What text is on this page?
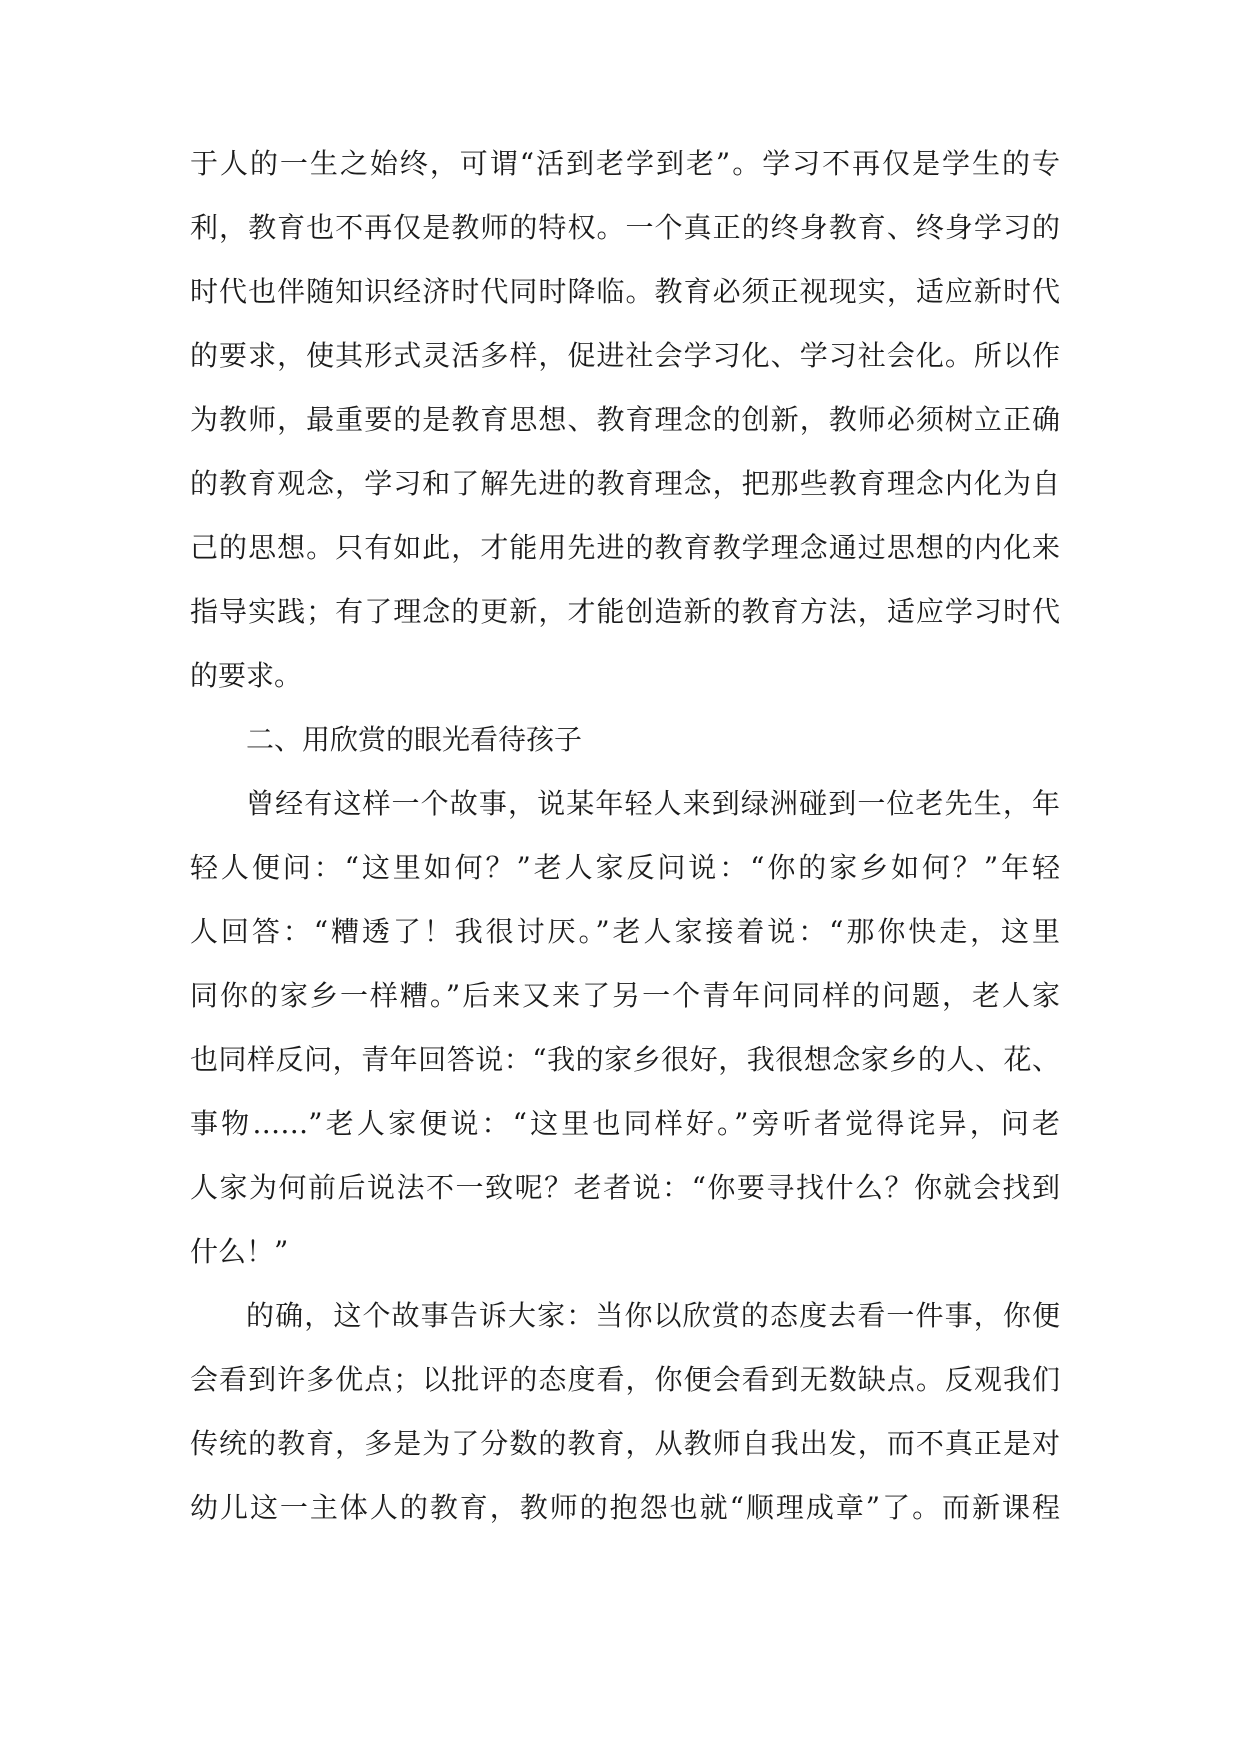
于人的一生之始终，可谓“活到老学到老”。学习不再仅是学生的专
利，教育也不再仅是教师的特权。一个真正的终身教育、终身学习的
时代也伴随知识经济时代同时降临。教育必须正视现实，适应新时代
的要求，使其形式灵活多样，促进社会学习化、学习社会化。所以作
为教师，最重要的是教育思想、教育理念的创新，教师必须树立正确
的教育观念，学习和了解先进的教育理念，把那些教育理念内化为自
己的思想。只有如此，才能用先进的教育教学理念通过思想的内化来
指导实践；有了理念的更新，才能创造新的教育方法，适应学习时代
的要求。
二、用欣赏的眼光看待孩子
曾经有这样一个故事，说某年轻人来到绿洲碰到一位老先生，年
轻人便问：“这里如何？”老人家反问说：“你的家乡如何？”年轻
人回答：“糟透了！我很讨厌。”老人家接着说：“那你快走，这里
同你的家乡一样糟。”后来又来了另一个青年问同样的问题，老人家
也同样反问，青年回答说：“我的家乡很好，我很想念家乡的人、花、
事物……”老人家便说：“这里也同样好。”旁听者觉得诧异，问老
人家为何前后说法不一致呢？老者说：“你要寻找什么？你就会找到
什么！”
的确，这个故事告诉大家：当你以欣赏的态度去看一件事，你便
会看到许多优点；以批评的态度看，你便会看到无数缺点。反观我们
传统的教育，多是为了分数的教育，从教师自我出发，而不真正是对
幼儿这一主体人的教育，教师的抱怨也就“顺理成章”了。而新课程
